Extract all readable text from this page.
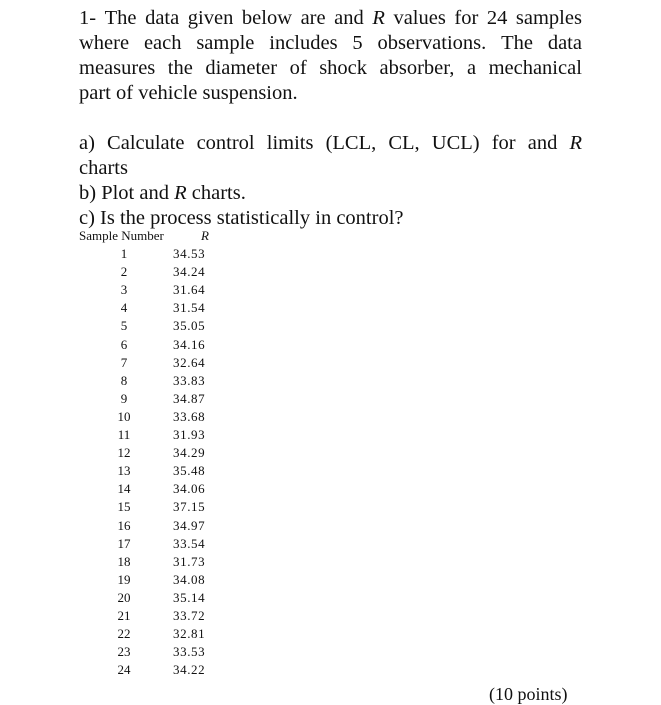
1- The data given below are and R values for 24 samples
where each sample includes 5 observations. The data
measures the diameter of shock absorber, a mechanical
part of vehicle suspension.
a) Calculate control limits (LCL, CL, UCL) for and R
charts
b) Plot and R charts.
c) Is the process statistically in control?
Sample Number	R
1	34.53
2	34.24
3	31.64
4	31.54
5	35.05
6	34.16
7	32.64
8	33.83
9	34.87
10	33.68
11	31.93
12	34.29
13	35.48
14	34.06
15	37.15
16	34.97
17	33.54
18	31.73
19	34.08
20	35.14
21	33.72
22	32.81
23	33.53
24	34.22
(10 points)
